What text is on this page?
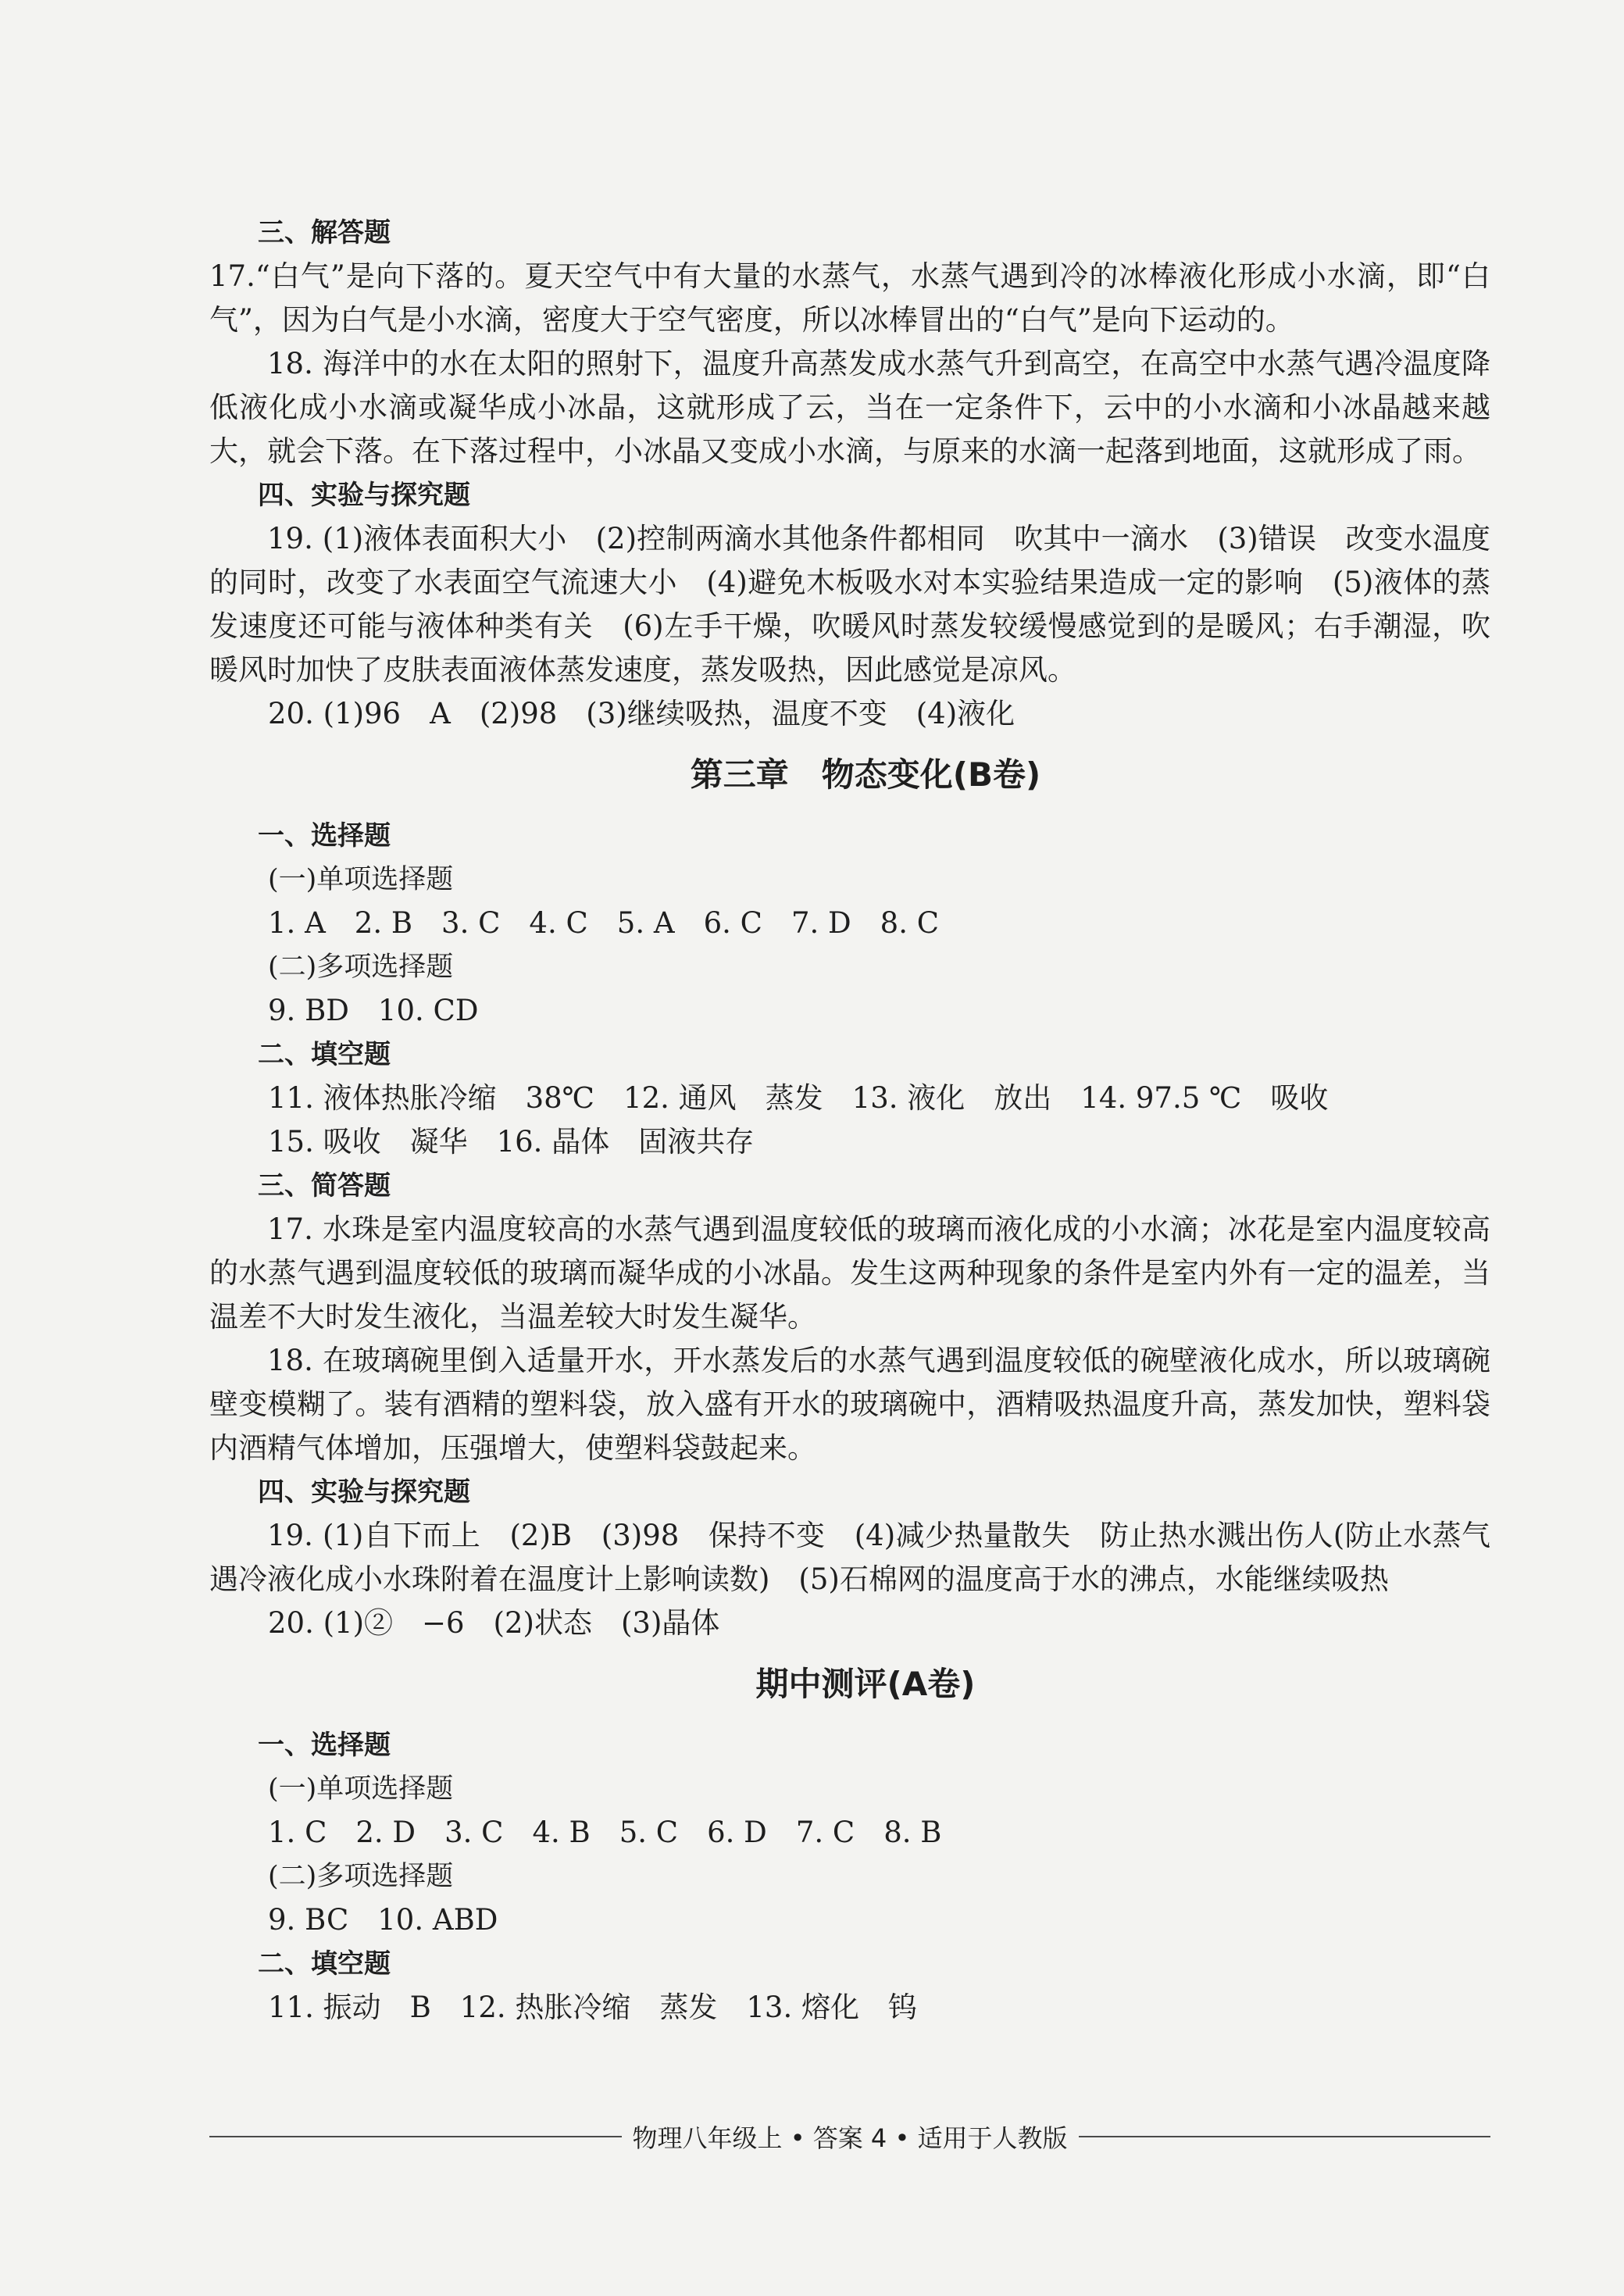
三、解答题
17.“白气”是向下落的。夏天空气中有大量的水蒸气，水蒸气遇到冷的冰棒液化形成小水滴，即“白气”，因为白气是小水滴，密度大于空气密度，所以冰棒冒出的“白气”是向下运动的。
18. 海洋中的水在太阳的照射下，温度升高蒸发成水蒸气升到高空，在高空中水蒸气遇冷温度降低液化成小水滴或凝华成小冰晶，这就形成了云，当在一定条件下，云中的小水滴和小冰晶越来越大，就会下落。在下落过程中，小冰晶又变成小水滴，与原来的水滴一起落到地面，这就形成了雨。
四、实验与探究题
19. (1)液体表面积大小　(2)控制两滴水其他条件都相同　吹其中一滴水　(3)错误　改变水温度的同时，改变了水表面空气流速大小　(4)避免木板吸水对本实验结果造成一定的影响　(5)液体的蒸发速度还可能与液体种类有关　(6)左手干燥，吹暖风时蒸发较缓慢感觉到的是暖风；右手潮湿，吹暖风时加快了皮肤表面液体蒸发速度，蒸发吸热，因此感觉是凉风。
20. (1)96　A　(2)98　(3)继续吸热，温度不变　(4)液化
第三章　物态变化(B卷)
一、选择题
(一)单项选择题
1. A　2. B　3. C　4. C　5. A　6. C　7. D　8. C
(二)多项选择题
9. BD　10. CD
二、填空题
11. 液体热胀冷缩　38℃　12. 通风　蒸发　13. 液化　放出　14. 97.5 ℃　吸收
15. 吸收　凝华　16. 晶体　固液共存
三、简答题
17. 水珠是室内温度较高的水蒸气遇到温度较低的玻璃而液化成的小水滴；冰花是室内温度较高的水蒸气遇到温度较低的玻璃而凝华成的小冰晶。发生这两种现象的条件是室内外有一定的温差，当温差不大时发生液化，当温差较大时发生凝华。
18. 在玻璃碗里倒入适量开水，开水蒸发后的水蒸气遇到温度较低的碗壁液化成水，所以玻璃碗壁变模糊了。装有酒精的塑料袋，放入盛有开水的玻璃碗中，酒精吸热温度升高，蒸发加快，塑料袋内酒精气体增加，压强增大，使塑料袋鼓起来。
四、实验与探究题
19. (1)自下而上　(2)B　(3)98　保持不变　(4)减少热量散失　防止热水溅出伤人(防止水蒸气遇冷液化成小水珠附着在温度计上影响读数)　(5)石棉网的温度高于水的沸点，水能继续吸热
20. (1)②　−6　(2)状态　(3)晶体
期中测评(A卷)
一、选择题
(一)单项选择题
1. C　2. D　3. C　4. B　5. C　6. D　7. C　8. B
(二)多项选择题
9. BC　10. ABD
二、填空题
11. 振动　B　12. 热胀冷缩　蒸发　13. 熔化　钨
物理八年级上 • 答案 4 • 适用于人教版
